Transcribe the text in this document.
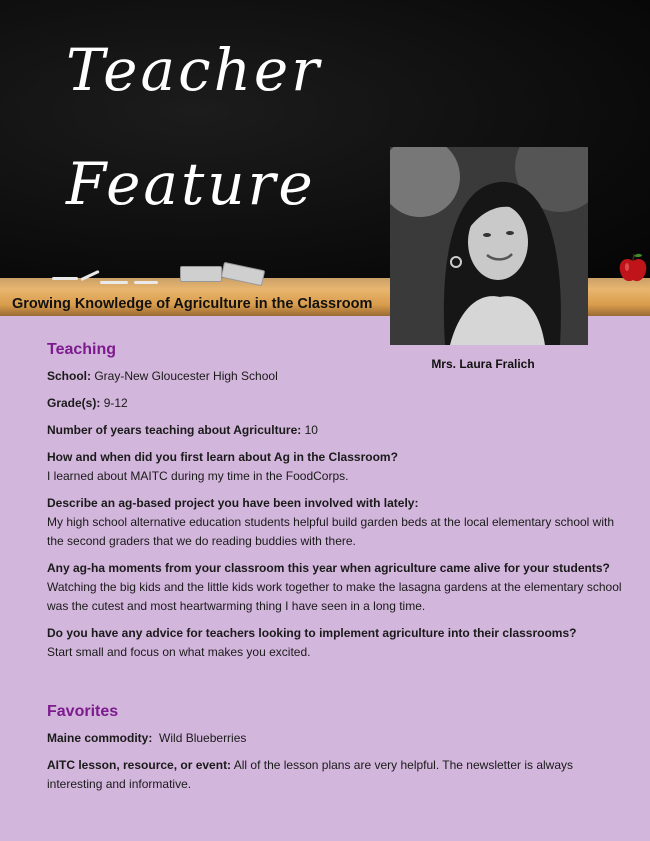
Teacher
Feature
Growing Knowledge of Agriculture in the Classroom
Mrs. Laura Fralich
Teaching

School: Gray-New Gloucester High School

Grade(s): 9-12

Number of years teaching about Agriculture: 10

How and when did you first learn about Ag in the Classroom?

I learned about MAITC during my time in the FoodCorps.

Describe an ag-based project you have been involved with lately:

My high school alternative education students helpful build garden beds at the local elementary school with the second graders that we do reading buddies with there.

Any ag-ha moments from your classroom this year when agriculture came alive for your students?

Watching the big kids and the little kids work together to make the lasagna gardens at the elementary school was the cutest and most heartwarming thing I have seen in a long time.

Do you have any advice for teachers looking to implement agriculture into their classrooms?

Start small and focus on what makes you excited.

Favorites

Maine commodity: Wild Blueberries

AITC lesson, resource, or event: All of the lesson plans are very helpful. The newsletter is always interesting and informative.
